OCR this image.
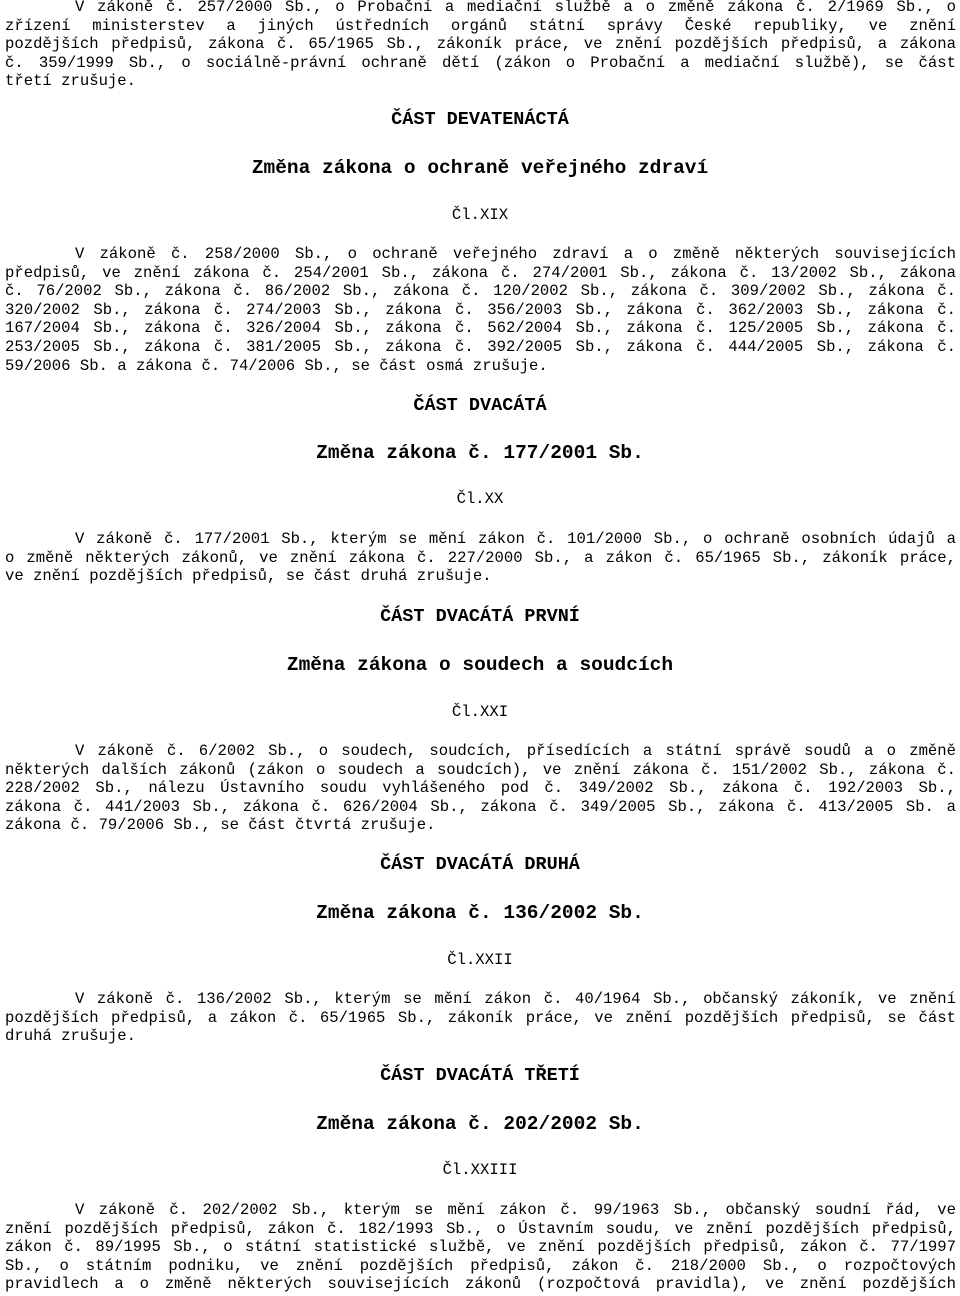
V zákoně č. 257/2000 Sb., o Probační a mediační službě a o změně zákona č. 2/1969 Sb., o
zřízení ministerstev a jiných ústředních orgánů státní správy České republiky, ve znění
pozdějších předpisů, zákona č. 65/1965 Sb., zákoník práce, ve znění pozdějších předpisů, a zákona
č. 359/1999 Sb., o sociálně-právní ochraně dětí (zákon o Probační a mediační službě), se část
třetí zrušuje.

ČÁST DEVATENÁCTÁ
Změna zákona o ochraně veřejného zdraví
Čl.XIX

V zákoně č. 258/2000 Sb., o ochraně veřejného zdraví a o změně některých souvisejících
předpisů, ve znění zákona č. 254/2001 Sb., zákona č. 274/2001 Sb., zákona č. 13/2002 Sb., zákona
č. 76/2002 Sb., zákona č. 86/2002 Sb., zákona č. 120/2002 Sb., zákona č. 309/2002 Sb., zákona č.
320/2002 Sb., zákona č. 274/2003 Sb., zákona č. 356/2003 Sb., zákona č. 362/2003 Sb., zákona č.
167/2004 Sb., zákona č. 326/2004 Sb., zákona č. 562/2004 Sb., zákona č. 125/2005 Sb., zákona č.
253/2005 Sb., zákona č. 381/2005 Sb., zákona č. 392/2005 Sb., zákona č. 444/2005 Sb., zákona č.
59/2006 Sb. a zákona č. 74/2006 Sb., se část osmá zrušuje.

ČÁST DVACÁTÁ
Změna zákona č. 177/2001 Sb.
Čl.XX

V zákoně č. 177/2001 Sb., kterým se mění zákon č. 101/2000 Sb., o ochraně osobních údajů a
o změně některých zákonů, ve znění zákona č. 227/2000 Sb., a zákon č. 65/1965 Sb., zákoník práce,
ve znění pozdějších předpisů, se část druhá zrušuje.

ČÁST DVACÁTÁ PRVNÍ
Změna zákona o soudech a soudcích
Čl.XXI

V zákoně č. 6/2002 Sb., o soudech, soudcích, přísedících a státní správě soudů a o změně
některých dalších zákonů (zákon o soudech a soudcích), ve znění zákona č. 151/2002 Sb., zákona č.
228/2002 Sb., nálezu Ústavního soudu vyhlášeného pod č. 349/2002 Sb., zákona č. 192/2003 Sb.,
zákona č. 441/2003 Sb., zákona č. 626/2004 Sb., zákona č. 349/2005 Sb., zákona č. 413/2005 Sb. a
zákona č. 79/2006 Sb., se část čtvrtá zrušuje.

ČÁST DVACÁTÁ DRUHÁ
Změna zákona č. 136/2002 Sb.
Čl.XXII

V zákoně č. 136/2002 Sb., kterým se mění zákon č. 40/1964 Sb., občanský zákoník, ve znění
pozdějších předpisů, a zákon č. 65/1965 Sb., zákoník práce, ve znění pozdějších předpisů, se část
druhá zrušuje.

ČÁST DVACÁTÁ TŘETÍ
Změna zákona č. 202/2002 Sb.
Čl.XXIII

V zákoně č. 202/2002 Sb., kterým se mění zákon č. 99/1963 Sb., občanský soudní řád, ve
znění pozdějších předpisů, zákon č. 182/1993 Sb., o Ústavním soudu, ve znění pozdějších předpisů,
zákon č. 89/1995 Sb., o státní statistické službě, ve znění pozdějších předpisů, zákon č. 77/1997
Sb., o státním podniku, ve znění pozdějších předpisů, zákon č. 218/2000 Sb., o rozpočtových
pravidlech a o změně některých souvisejících zákonů (rozpočtová pravidla), ve znění pozdějších
